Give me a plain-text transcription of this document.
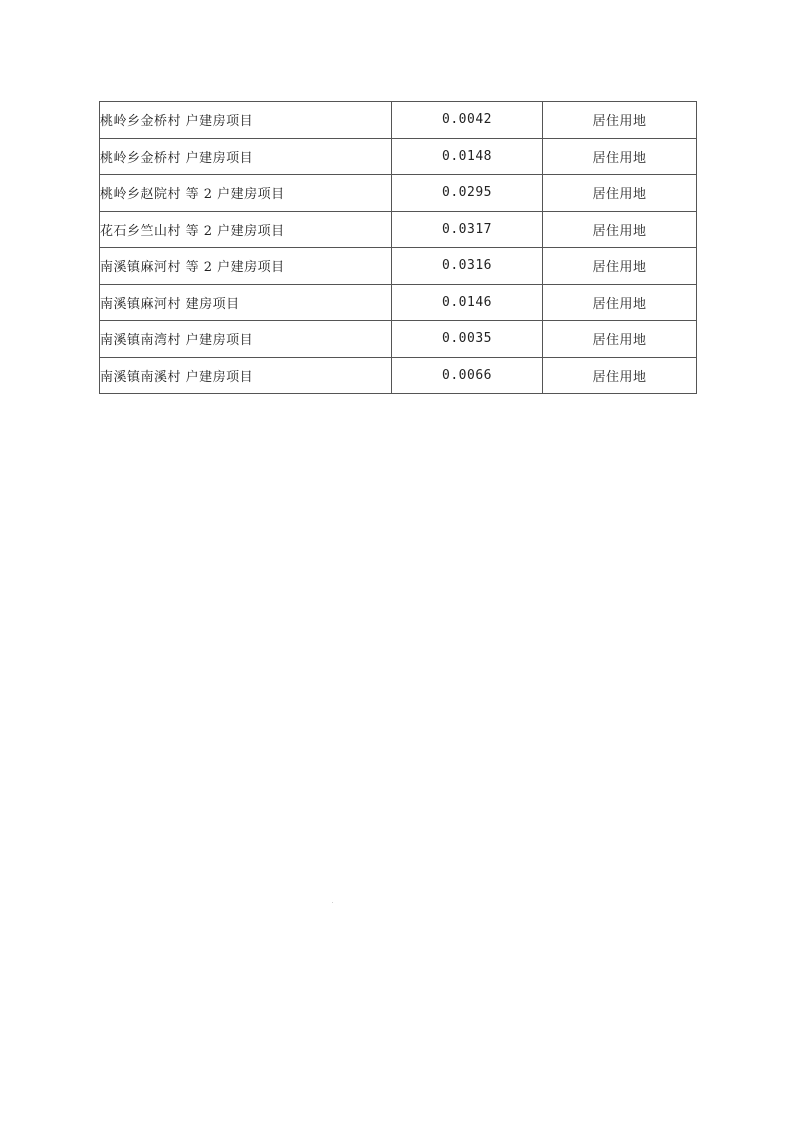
桃岭乡金桥村 户建房项目	0.0042	居住用地
桃岭乡金桥村 户建房项目	0.0148	居住用地
桃岭乡赵院村 等 2 户建房项目	0.0295	居住用地
花石乡竺山村 等 2 户建房项目	0.0317	居住用地
南溪镇麻河村 等 2 户建房项目	0.0316	居住用地
南溪镇麻河村 建房项目	0.0146	居住用地
南溪镇南湾村 户建房项目	0.0035	居住用地
南溪镇南溪村 户建房项目	0.0066	居住用地
